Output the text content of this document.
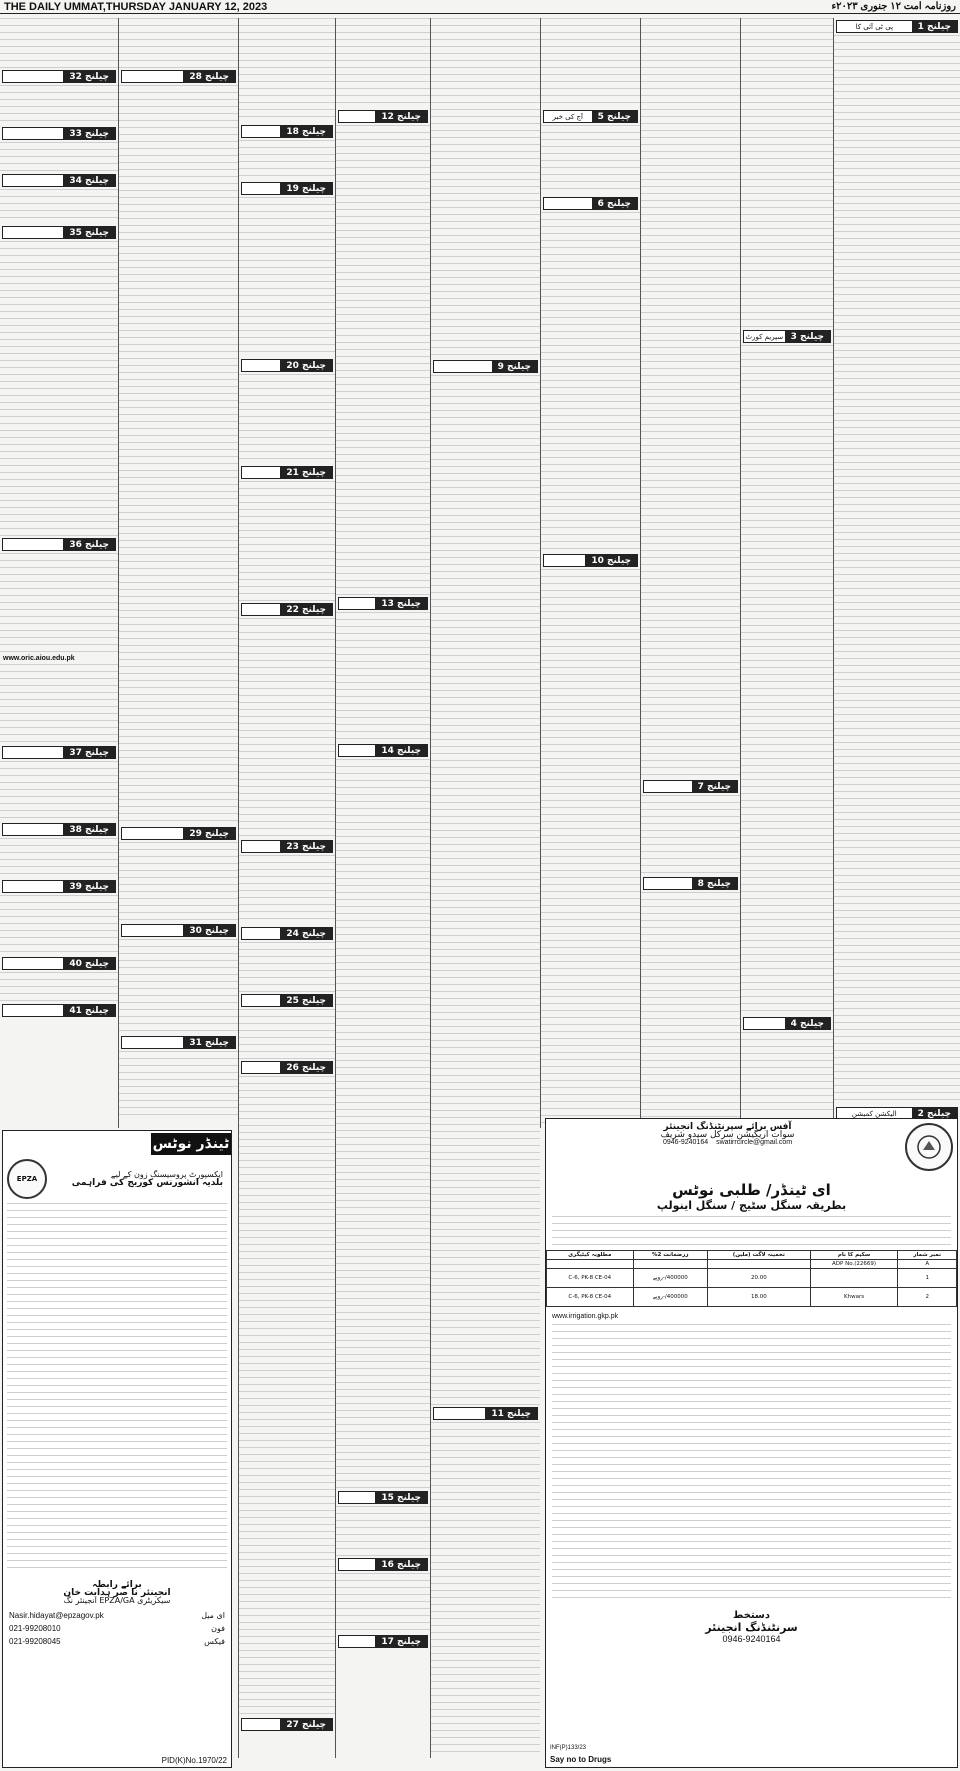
THE DAILY UMMAT,THURSDAY JANUARY 12, 2023	روزنامہ امت ۱۲ جنوری ۲۰۲۳ء
چیلنج 1
پی ٹی آئی کا
چیلنج 2
الیکشن کمیشن
چیلنج 3
سپریم کورٹ
چیلنج 4
چیلنج 7
چیلنج 8
چیلنج 5
آج کی خبر
چیلنج 6
چیلنج 10
چیلنج 9
چیلنج 11
چیلنج 12
چیلنج 13
چیلنج 14
چیلنج 15
چیلنج 16
چیلنج 17
چیلنج 18
چیلنج 19
چیلنج 20
چیلنج 21
چیلنج 22
چیلنج 23
چیلنج 24
چیلنج 25
چیلنج 26
چیلنج 27
چیلنج 28
چیلنج 29
چیلنج 30
چیلنج 31
چیلنج 32
چیلنج 33
چیلنج 34
چیلنج 35
چیلنج 36
www.oric.aiou.edu.pk
چیلنج 37
چیلنج 38
چیلنج 39
چیلنج 40
چیلنج 41
ٹینڈر نوٹس
EPZA	ایکسپورٹ پروسیسنگ زون کے لیے
بلدیہ انشورنس کوریج کی فراہمی
برائے رابطہ
انجینئر نا صر ہدایت خان
سیکریٹری EPZA/GA انجینئر نگ
Nasir.hidayat@epzagov.pk	ای میل
021-99208010	فون
021-99208045	فیکس
PID(K)No.1970/22
آفس برائے سپرنٹنڈنگ انجینئر
سوات اریگیشن سرکل سیدو شریف
swatirrcircle@gmail.com
0946-9240164
ای ٹینڈر/ طلبی نوٹس
بطریقہ سنگل سٹیج / سنگل اینولپ
نمبر شمار	سکیم کا نام	تخمینہ لاگت (ملین)	زرضمانت 2%	مطلوبہ کیٹیگری
A	ADP No.(22669)			
1		20.00	400000/-روپے	C-6, PK-8 CE-04
2	Khwars	18.00	400000/-روپے	C-6, PK-8 CE-04
www.irrigation.gkp.pk
دستخط
سرنٹنڈنگ انجینئر
0946-9240164
INF(P)133/23
Say no to Drugs
